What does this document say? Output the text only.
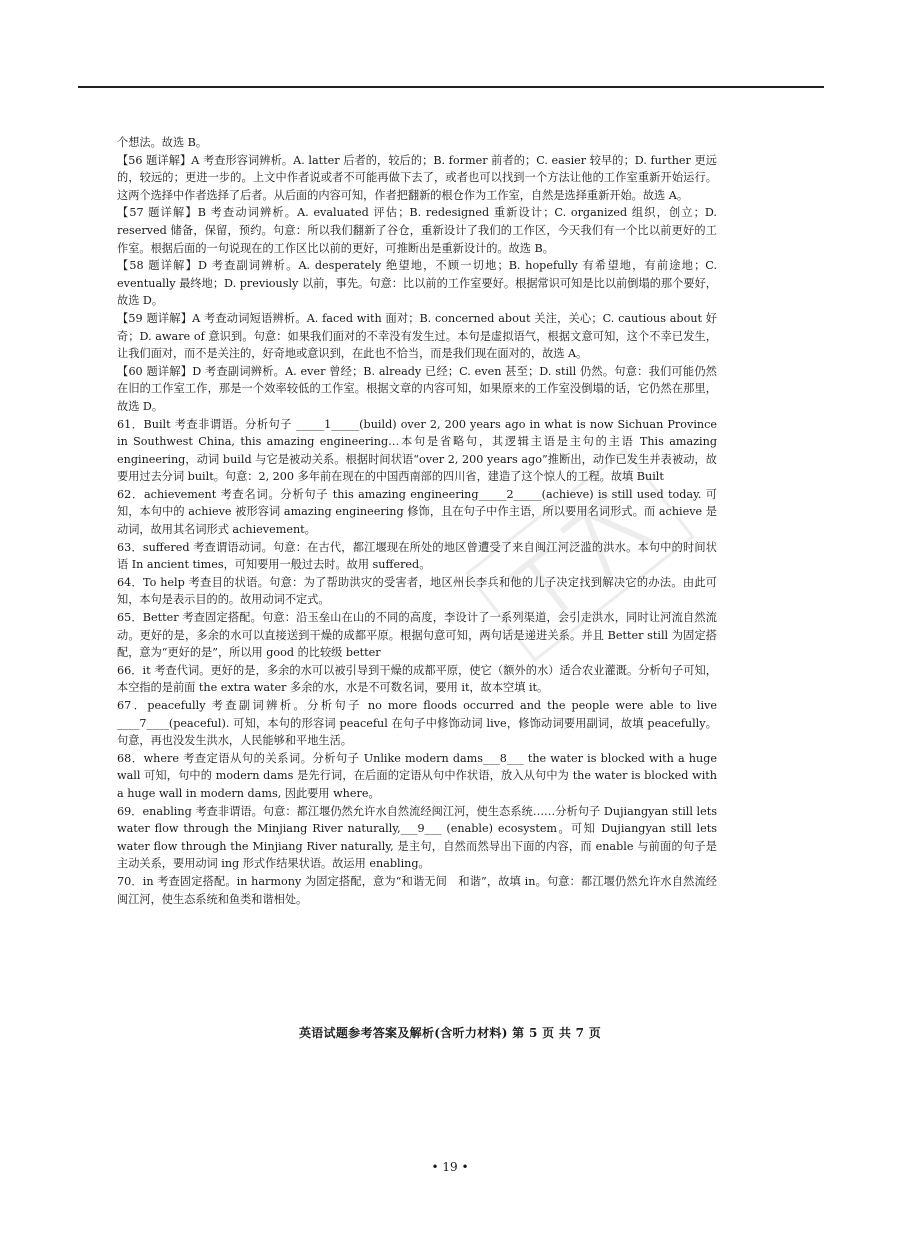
个想法。故选 B。

【56 题详解】A 考查形容词辨析。A. latter 后者的，较后的；B. former 前者的；C. easier 较早的；D. further 更远的，较远的；更进一步的。上文中作者说或者不可能再做下去了，或者也可以找到一个方法让他的工作室重新开始运行。这两个选择中作者选择了后者。从后面的内容可知，作者把翻新的根仓作为工作室，自然是选择重新开始。故选 A。

【57 题详解】B 考查动词辨析。A. evaluated 评估；B. redesigned 重新设计；C. organized 组织，创立；D. reserved 储备，保留，预约。句意：所以我们翻新了谷仓，重新设计了我们的工作区，今天我们有一个比以前更好的工作室。根据后面的一句说现在的工作区比以前的更好，可推断出是重新设计的。故选 B。

【58 题详解】D 考查副词辨析。A. desperately 绝望地，不顾一切地；B. hopefully 有希望地，有前途地；C. eventually 最终地；D. previously 以前，事先。句意：比以前的工作室要好。根据常识可知是比以前倒塌的那个要好，故选 D。

【59 题详解】A 考查动词短语辨析。A. faced with 面对；B. concerned about 关注，关心；C. cautious about 好奇；D. aware of 意识到。句意：如果我们面对的不幸没有发生过。本句是虚拟语气，根据文意可知，这个不幸已发生，让我们面对，而不是关注的，好奇地或意识到，在此也不恰当，而是我们现在面对的，故选 A。

【60 题详解】D 考查副词辨析。A. ever 曾经；B. already 已经；C. even 甚至；D. still 仍然。句意：我们可能仍然在旧的工作室工作，那是一个效率较低的工作室。根据文章的内容可知，如果原来的工作室没倒塌的话，它仍然在那里，故选 D。

61．Built 考查非谓语。分析句子 _____1_____(build) over 2, 200 years ago in what is now Sichuan Province in Southwest China, this amazing engineering…本句是省略句，其逻辑主语是主句的主语 This amazing engineering，动词 build 与它是被动关系。根据时间状语“over 2, 200 years ago”推断出，动作已发生并表被动，故要用过去分词 built。句意：2, 200 多年前在现在的中国西南部的四川省，建造了这个惊人的工程。故填 Built

62．achievement 考查名词。分析句子 this amazing engineering_____2_____(achieve) is still used today. 可知，本句中的 achieve 被形容词 amazing engineering 修饰，且在句子中作主语，所以要用名词形式。而 achieve 是动词，故用其名词形式 achievement。

63．suffered 考查谓语动词。句意：在古代，都江堰现在所处的地区曾遭受了来自闽江河泛滥的洪水。本句中的时间状语 In ancient times，可知要用一般过去时。故用 suffered。

64．To help 考查目的状语。句意：为了帮助洪灾的受害者，地区州长李兵和他的儿子决定找到解决它的办法。由此可知，本句是表示目的的。故用动词不定式。

65．Better 考查固定搭配。句意：沿玉垒山在山的不同的高度，李设计了一系列渠道，会引走洪水，同时让河流自然流动。更好的是，多余的水可以直接送到干燥的成都平原。根据句意可知，两句话是递进关系。并且 Better still 为固定搭配，意为“更好的是”，所以用 good 的比较级 better

66．it 考查代词。更好的是，多余的水可以被引导到干燥的成都平原，使它（额外的水）适合农业灌溉。分析句子可知，本空指的是前面 the extra water 多余的水，水是不可数名词，要用 it，故本空填 it。

67．peacefully 考查副词辨析。分析句子 no more floods occurred and the people were able to live ____7____(peaceful). 可知，本句的形容词 peaceful 在句子中修饰动词 live，修饰动词要用副词，故填 peacefully。句意，再也没发生洪水，人民能够和平地生活。

68．where 考查定语从句的关系词。分析句子 Unlike modern dams___8___ the water is blocked with a huge wall 可知，句中的 modern dams 是先行词，在后面的定语从句中作状语，放入从句中为 the water is blocked with a huge wall in modern dams, 因此要用 where。

69．enabling 考查非谓语。句意：都江堰仍然允许水自然流经闽江河，使生态系统……分析句子 Dujiangyan still lets water flow through the Minjiang River naturally,___9___ (enable) ecosystem。可知 Dujiangyan still lets water flow through the Minjiang River naturally, 是主句，自然而然导出下面的内容，而 enable 与前面的句子是主动关系，要用动词 ing 形式作结果状语。故运用 enabling。

70．in 考查固定搭配。in harmony 为固定搭配，意为“和谐无间　和谐”，故填 in。句意：都江堰仍然允许水自然流经闽江河，使生态系统和鱼类和谐相处。

英语试题参考答案及解析(含听力材料) 第 5 页 共 7 页
• 19 •
